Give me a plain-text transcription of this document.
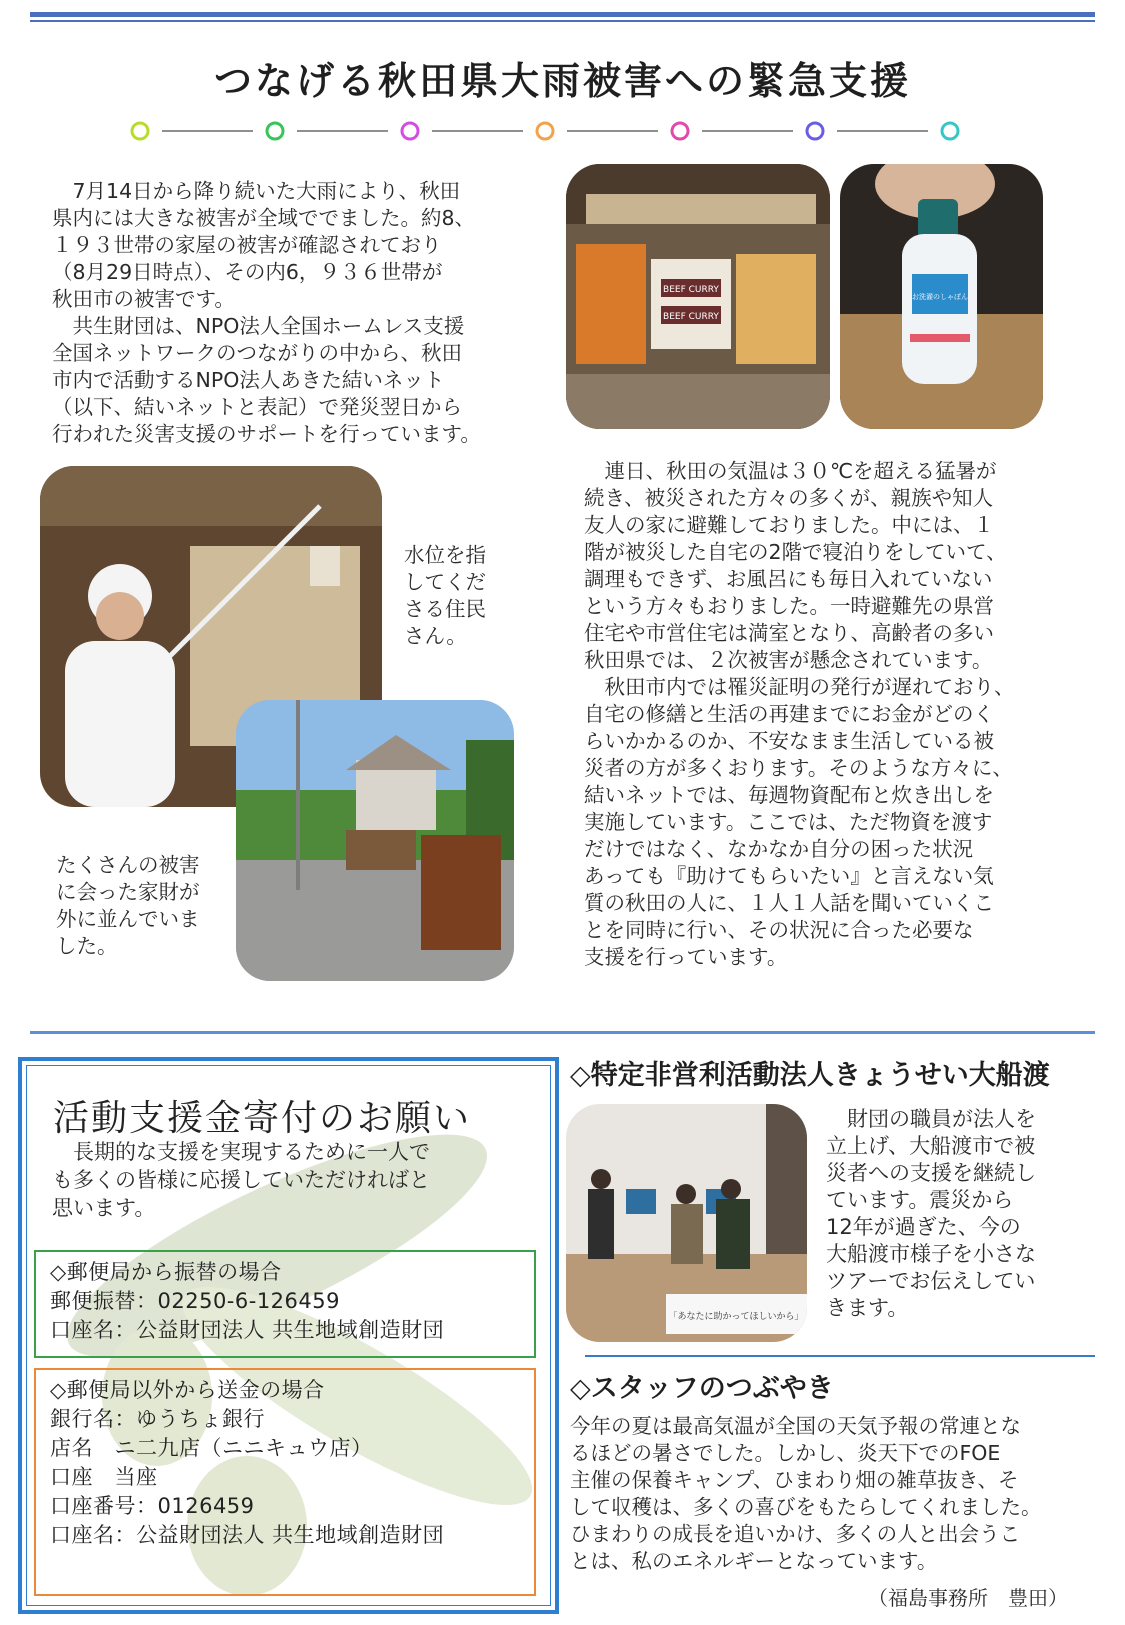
つなげる秋田県大雨被害への緊急支援

　7月14日から降り続いた大雨により、秋田
県内には大きな被害が全域ででました。約8、
１９３世帯の家屋の被害が確認されており
（8月29日時点）、その内6，９３６世帯が
秋田市の被害です。
　共生財団は、NPO法人全国ホームレス支援
全国ネットワークのつながりの中から、秋田
市内で活動するNPO法人あきた結いネット
（以下、結いネットと表記）で発災翌日から
行われた災害支援のサポートを行っています。

BEEF CURRY
BEEF CURRY
お洗濯のしゃぼん

水位を指
してくだ
さる住民
さん。

たくさんの被害
に会った家財が
外に並んでいま
した。

　連日、秋田の気温は３０℃を超える猛暑が
続き、被災された方々の多くが、親族や知人
友人の家に避難しておりました。中には、１
階が被災した自宅の2階で寝泊りをしていて、
調理もできず、お風呂にも毎日入れていない
という方々もおりました。一時避難先の県営
住宅や市営住宅は満室となり、高齢者の多い
秋田県では、２次被害が懸念されています。
　秋田市内では罹災証明の発行が遅れており、
自宅の修繕と生活の再建までにお金がどのく
らいかかるのか、不安なまま生活している被
災者の方が多くおります。そのような方々に、
結いネットでは、毎週物資配布と炊き出しを
実施しています。ここでは、ただ物資を渡す
だけではなく、なかなか自分の困った状況
あっても『助けてもらいたい』と言えない気
質の秋田の人に、１人１人話を聞いていくこ
とを同時に行い、その状況に合った必要な
支援を行っています。

活動支援金寄付のお願い

　長期的な支援を実現するために一人で
も多くの皆様に応援していただければと
思います。

◇郵便局から振替の場合

郵便振替：02250-6-126459

口座名：公益財団法人 共生地域創造財団

◇郵便局以外から送金の場合

銀行名：ゆうちょ銀行

店名　ニ二九店（ニニキュウ店）

口座　当座

口座番号：0126459

口座名：公益財団法人 共生地域創造財団

◇特定非営利活動法人きょうせい大船渡
「あなたに助かってほしいから」

　財団の職員が法人を
立上げ、大船渡市で被
災者への支援を継続し
ています。震災から
12年が過ぎた、今の
大船渡市様子を小さな
ツアーでお伝えしてい
きます。

◇スタッフのつぶやき

今年の夏は最高気温が全国の天気予報の常連とな
るほどの暑さでした。しかし、炎天下でのFOE
主催の保養キャンプ、ひまわり畑の雑草抜き、そ
して収穫は、多くの喜びをもたらしてくれました。
ひまわりの成長を追いかけ、多くの人と出会うこ
とは、私のエネルギーとなっています。

（福島事務所　豊田）
